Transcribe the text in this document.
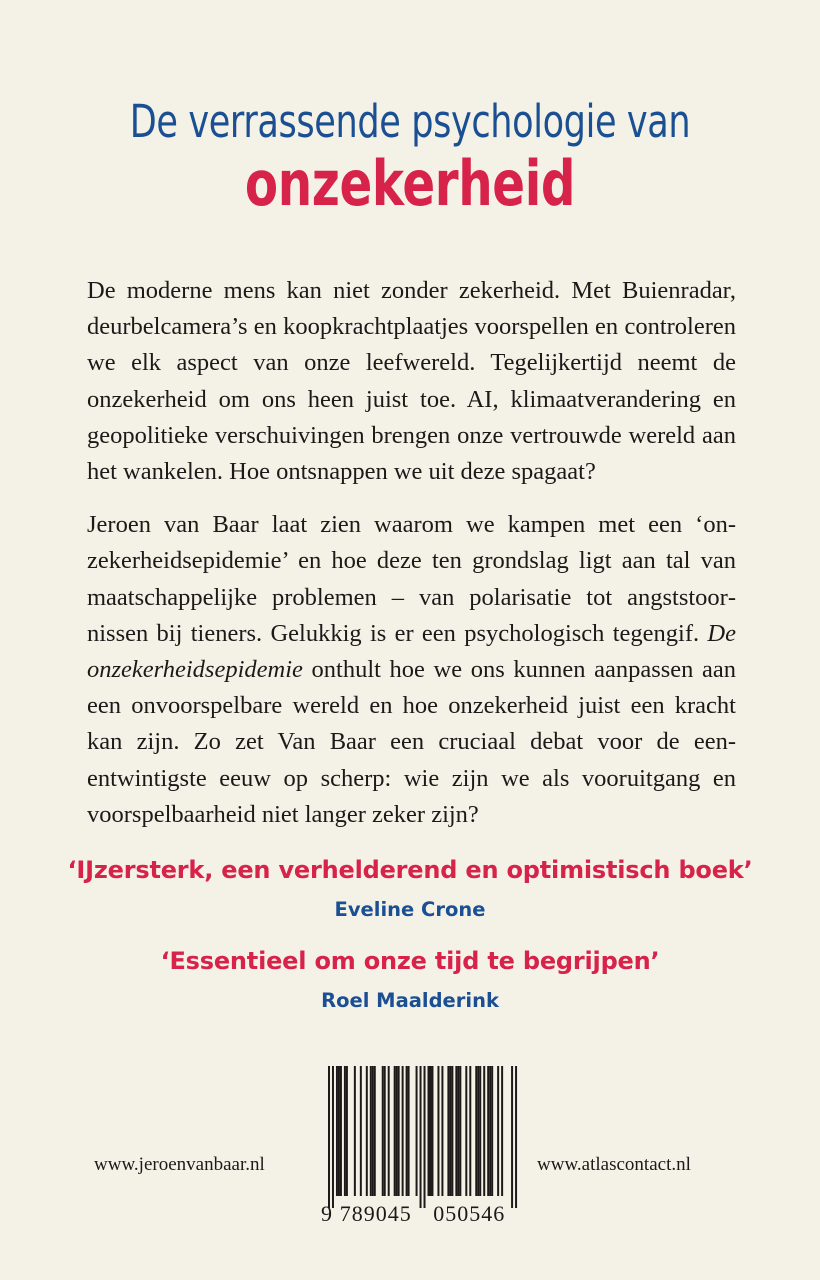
De verrassende psychologie van
onzekerheid

De moderne mens kan niet zonder zekerheid. Met Buienradar, deurbelcamera’s en koopkrachtplaatjes voorspellen en controleren we elk aspect van onze leefwereld. Tegelijkertijd neemt de onzekerheid om ons heen juist toe. AI, klimaatverandering en geopolitieke verschuivingen brengen onze vertrouwde wereld aan het wankelen. Hoe ontsnappen we uit deze spagaat?

Jeroen van Baar laat zien waarom we kampen met een ‘onzekerheidsepidemie’ en hoe deze ten grondslag ligt aan tal van maatschappelijke problemen – van polarisatie tot angststoornissen bij tieners. Gelukkig is er een psychologisch tegengif. De onzekerheidsepidemie onthult hoe we ons kunnen aanpassen aan een onvoorspelbare wereld en hoe onzekerheid juist een kracht kan zijn. Zo zet Van Baar een cruciaal debat voor de eenentwintigste eeuw op scherp: wie zijn we als vooruitgang en voorspelbaarheid niet langer zeker zijn?

‘IJzersterk, een verhelderend en optimistisch boek’
Eveline Crone
‘Essentieel om onze tijd te begrijpen’
Roel Maalderink
www.jeroenvanbaar.nl	www.atlascontact.nl
9 789045 050546
